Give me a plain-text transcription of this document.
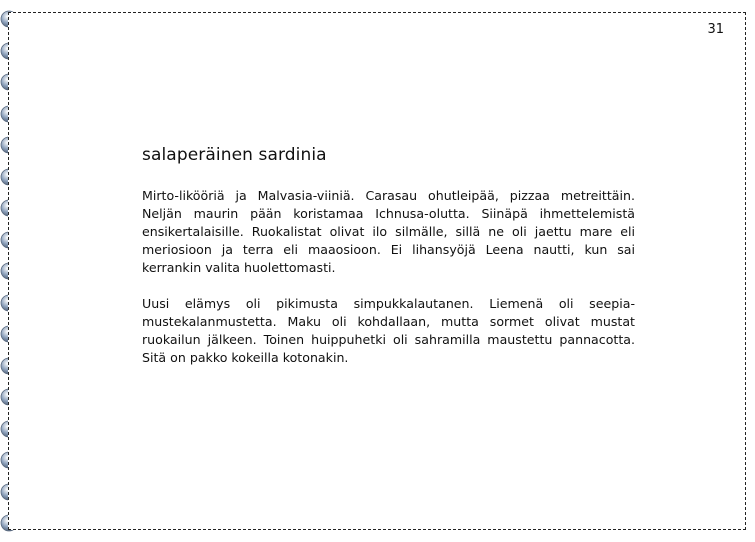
31
salaperäinen sardinia

Mirto-likööriä ja Malvasia-viiniä. Carasau ohutleipää, pizzaa metreittäin. Neljän maurin pään koristamaa Ichnusa-olutta. Siinäpä ihmettelemistä ensikertalaisille. Ruokalistat olivat ilo silmälle, sillä ne oli jaettu mare eli meriosioon ja terra eli maaosioon. Ei lihansyöjä Leena nautti, kun sai kerrankin valita huolettomasti.

Uusi elämys oli pikimusta simpukkalautanen. Liemenä oli seepia-mustekalanmustetta. Maku oli kohdallaan, mutta sormet olivat mustat ruokailun jälkeen. Toinen huippuhetki oli sahramilla maustettu pannacotta. Sitä on pakko kokeilla kotonakin.
